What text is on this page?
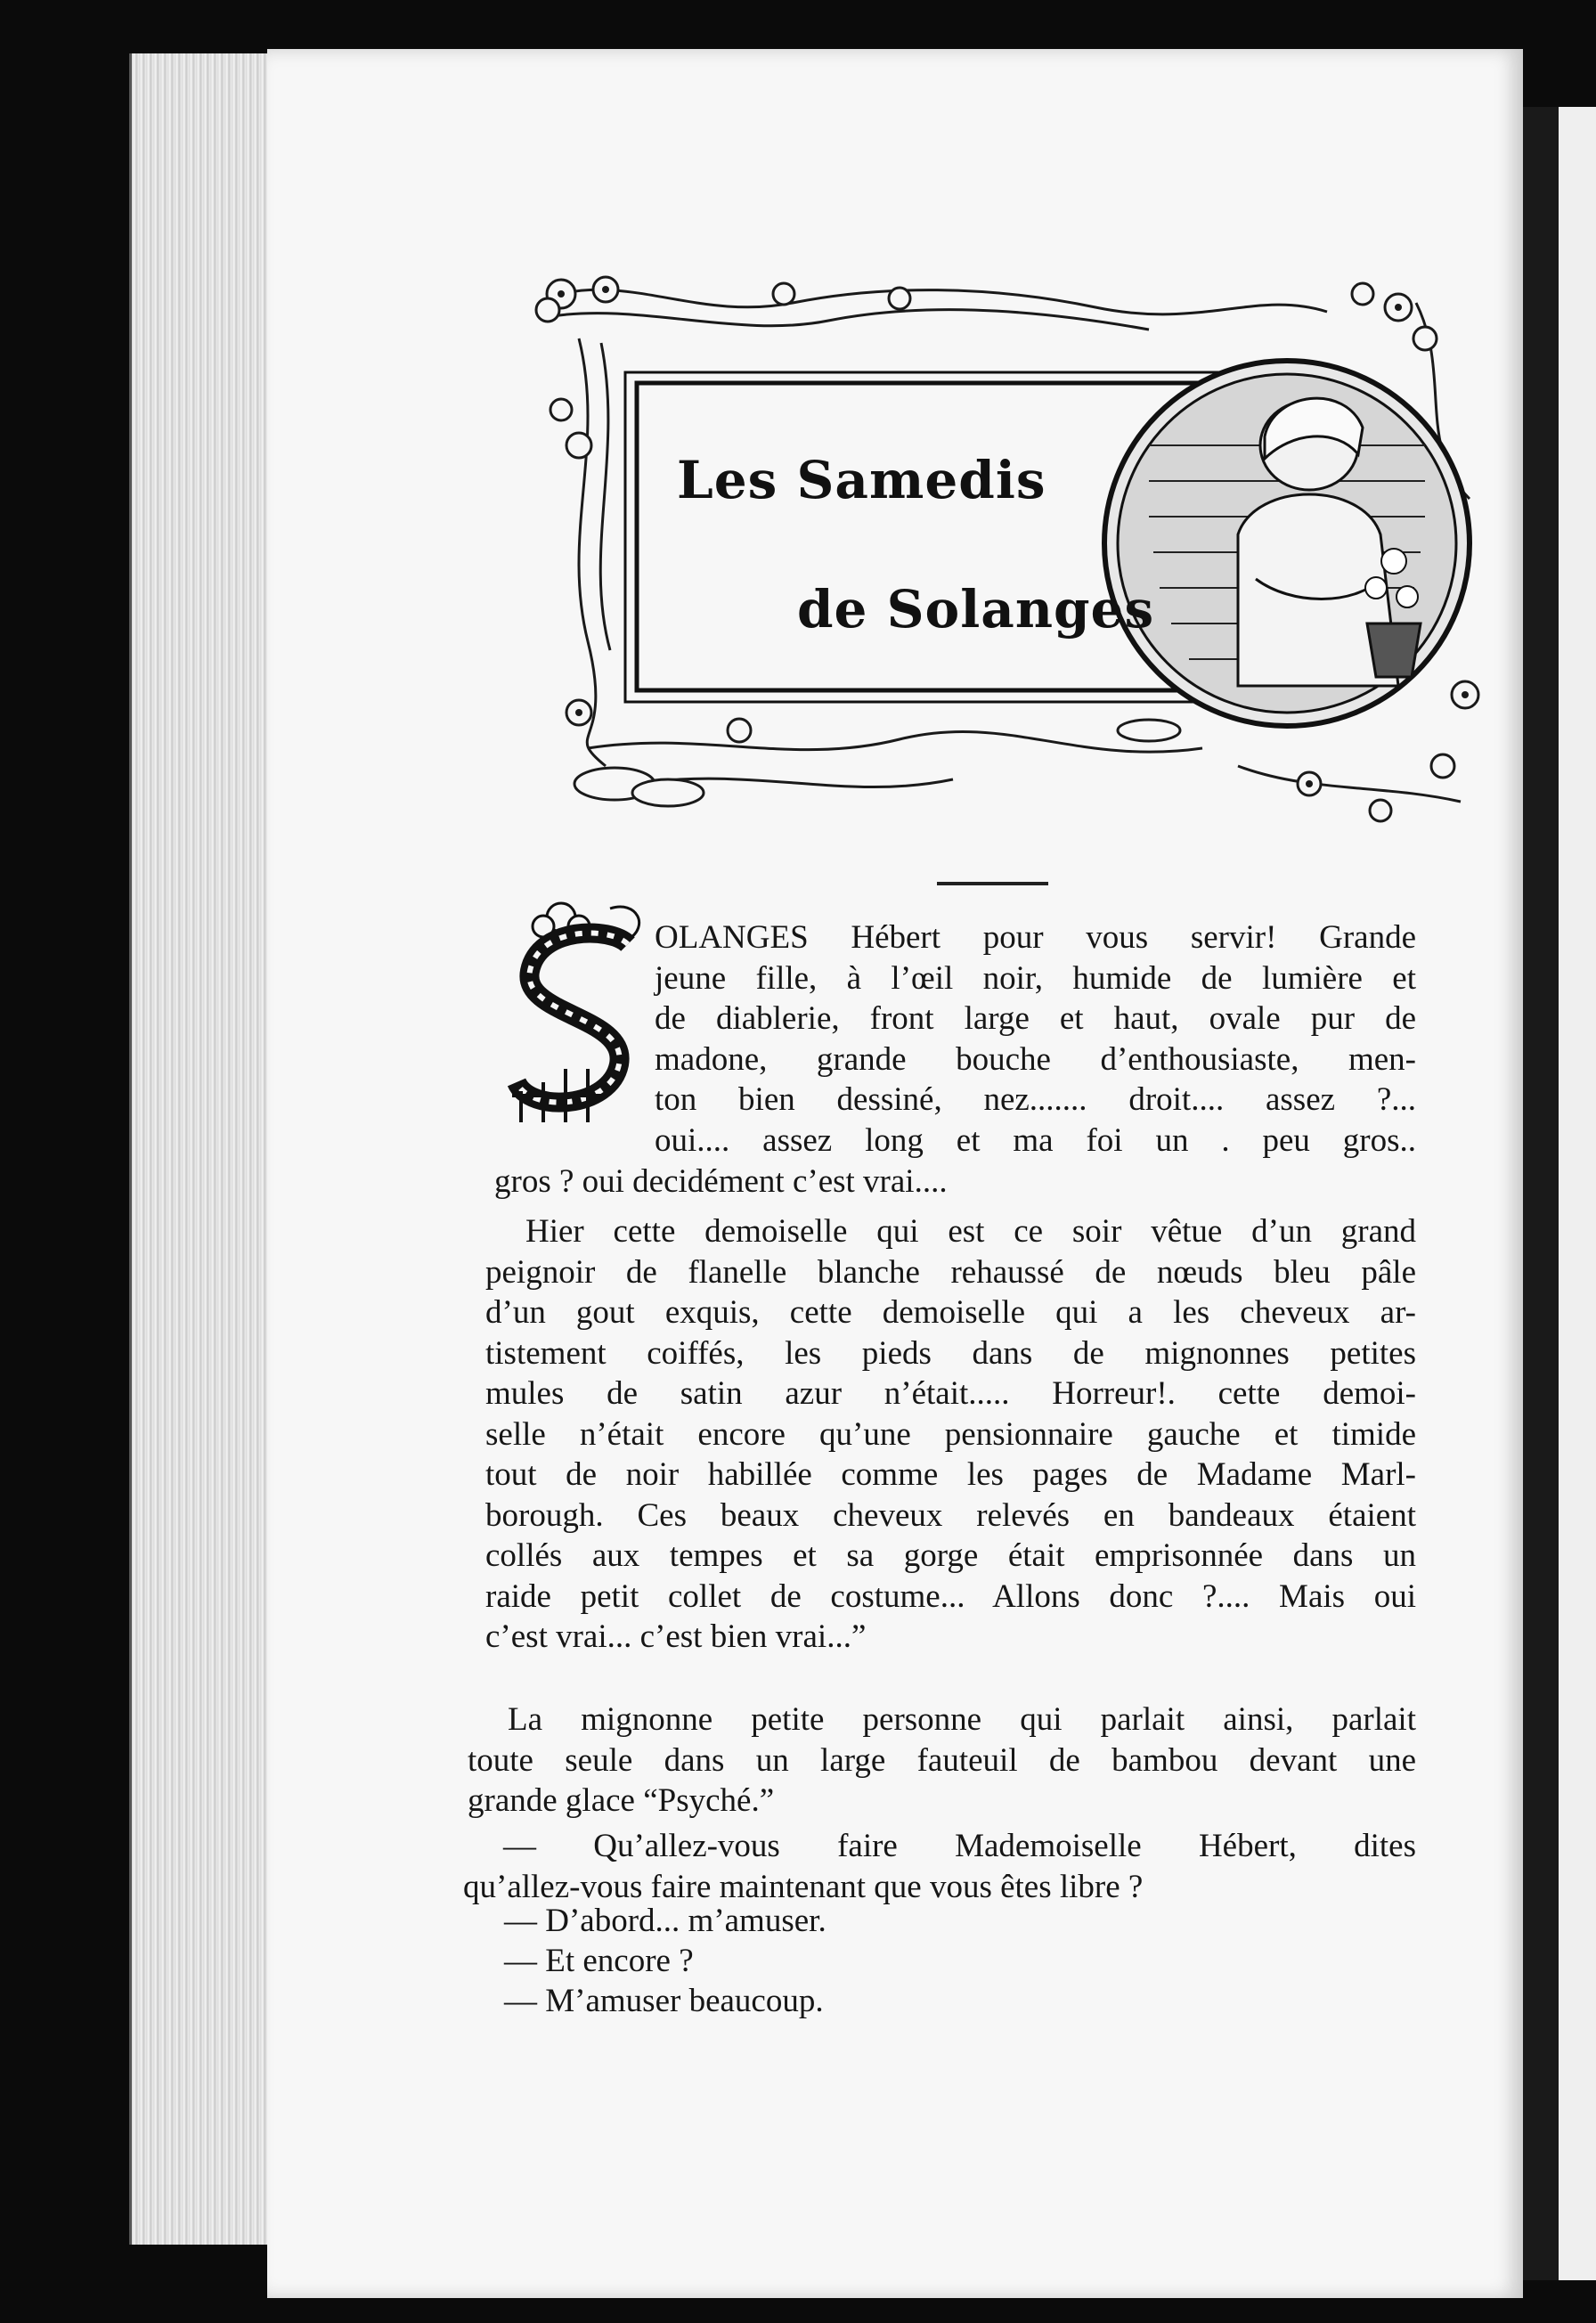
Les Samedis
de Solanges
OLANGES Hébert pour vous servir! Grande
jeune fille, à l’œil noir, humide de lumière et
de diablerie, front large et haut, ovale pur de
madone, grande bouche d’enthousiaste, men-
ton bien dessiné, nez....... droit.... assez ?...
oui.... assez long et ma foi un . peu gros..
gros ? oui decidément c’est vrai....
Hier cette demoiselle qui est ce soir vêtue d’un grand
peignoir de flanelle blanche rehaussé de nœuds bleu pâle
d’un gout exquis, cette demoiselle qui a les cheveux ar-
tistement coiffés, les pieds dans de mignonnes petites
mules de satin azur n’était..... Horreur!. cette demoi-
selle n’était encore qu’une pensionnaire gauche et timide
tout de noir habillée comme les pages de Madame Marl-
borough. Ces beaux cheveux relevés en bandeaux étaient
collés aux tempes et sa gorge était emprisonnée dans un
raide petit collet de costume... Allons donc ?.... Mais oui
c’est vrai... c’est bien vrai...”
La mignonne petite personne qui parlait ainsi, parlait
toute seule dans un large fauteuil de bambou devant une
grande glace “Psyché.”
— Qu’allez-vous faire Mademoiselle Hébert, dites
qu’allez-vous faire maintenant que vous êtes libre ?
— D’abord... m’amuser.
— Et encore ?
— M’amuser beaucoup.
